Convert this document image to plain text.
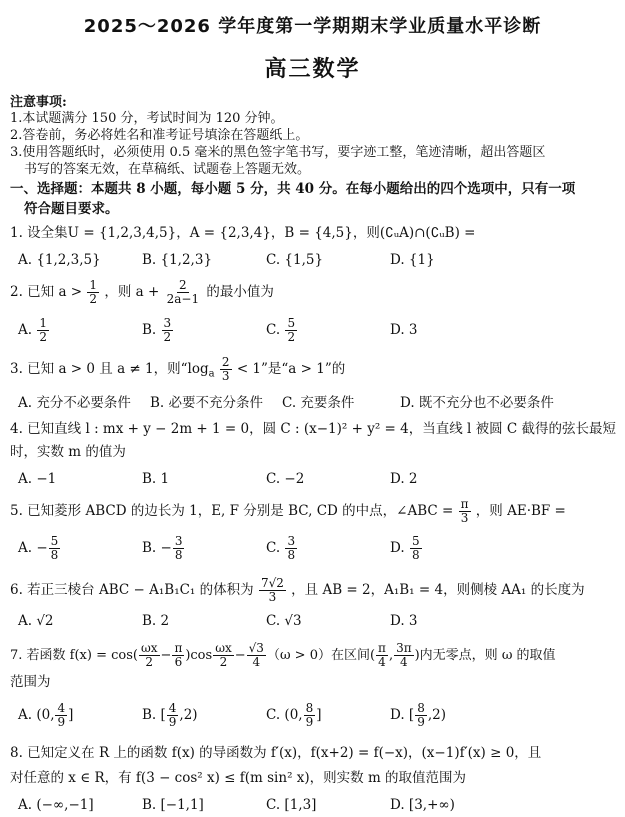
2025～2026 学年度第一学期期末学业质量水平诊断
高三数学
注意事项:
1.本试题满分 150 分，考试时间为 120 分钟。
2.答卷前，务必将姓名和准考证号填涂在答题纸上。
3.使用答题纸时，必须使用 0.5 毫米的黑色签字笔书写，要字迹工整，笔迹清晰，超出答题区
书写的答案无效，在草稿纸、试题卷上答题无效。
一、选择题：本题共 8 小题，每小题 5 分，共 40 分。在每小题给出的四个选项中，只有一项
符合题目要求。
1. 设全集U = {1,2,3,4,5}，A = {2,3,4}，B = {4,5}，则(∁ᵤA)∩(∁ᵤB) =
A. {1,2,3,5}	B. {1,2,3}	C. {1,5}	D. {1}
2. 已知 $a > \frac{1}{2}$ ，则 $a + \frac{2}{2a-1}$ 的最小值为
A. $\frac{1}{2}$	B. $\frac{3}{2}$	C. $\frac{5}{2}$	D. 3
3. 已知 a > 0 且 a ≠ 1，则“$\log_a \frac{2}{3} < 1$”是“a > 1”的
A. 充分不必要条件	B. 必要不充分条件	C. 充要条件	D. 既不充分也不必要条件
4. 已知直线 l : mx + y − 2m + 1 = 0，圆 C : (x−1)² + y² = 4，当直线 l 被圆 C 截得的弦长最短
时，实数 m 的值为
A. −1	B. 1	C. −2	D. 2
5. 已知菱形 ABCD 的边长为 1，E, F 分别是 BC, CD 的中点，∠ABC = $\frac{\pi}{3}$ ，则 AE·BF =
A. − $\frac{5}{8}$	B. − $\frac{3}{8}$	C. $\frac{3}{8}$	D. $\frac{5}{8}$
6. 若正三棱台 ABC − A₁B₁C₁ 的体积为 $\frac{7√2}{3}$ ，且 AB = 2，A₁B₁ = 4，则侧棱 AA₁ 的长度为
A. √2	B. 2	C. √3	D. 3
7. 若函数 $f(x) = \cos( \frac{\omega x}{2} - \frac{\pi}{6} )\cos \frac{\omega x}{2} - \frac{√3}{4} (\omega > 0)$在区间( $\frac{\pi}{4}$ , $\frac{3\pi}{4}$ )内无零点，则 ω 的取值
范围为
A. (0, $\frac{4}{9}$ ]	B. [ $\frac{4}{9} ,2$)	C. (0, $\frac{8}{9}$ ]	D. [ $\frac{8}{9} ,2$)
8. 已知定义在 R 上的函数 f(x) 的导函数为 f′(x)，f(x+2) = f(−x)，(x−1)f′(x) ≥ 0，且
对任意的 x ∈ R，有 f(3 − cos² x) ≤ f(m sin² x)，则实数 m 的取值范围为
A. (−∞,−1]	B. [−1,1]	C. [1,3]	D. [3,+∞)
